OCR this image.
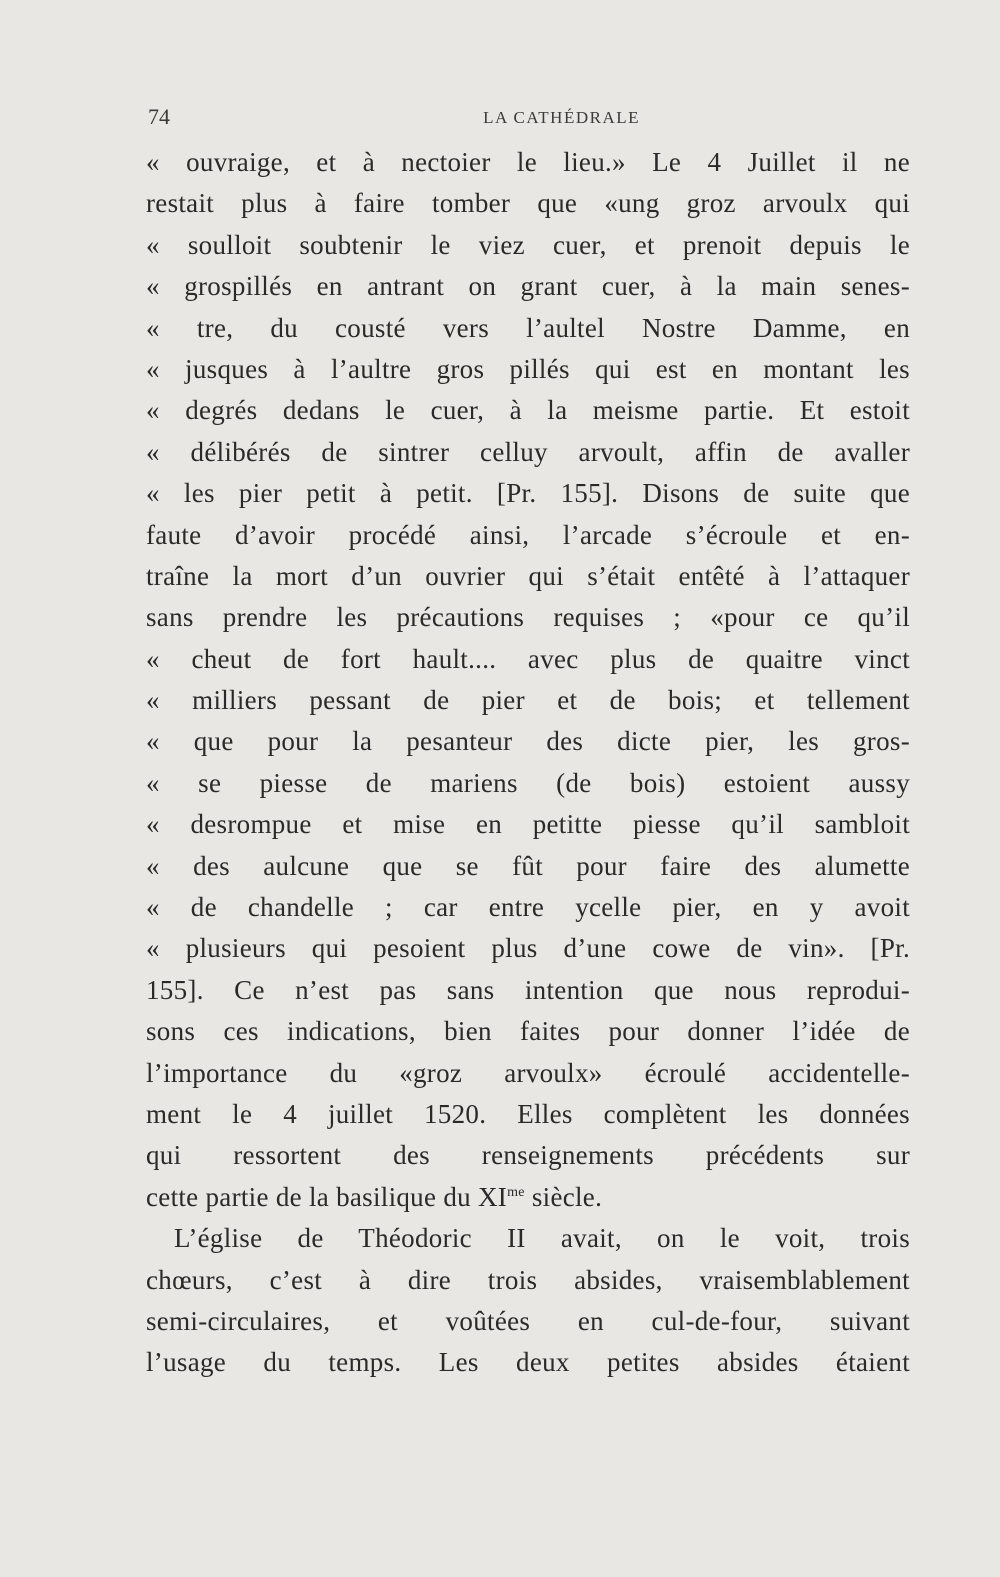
74	LA CATHÉDRALE
« ouvraige, et à nectoier le lieu.» Le 4 Juillet il ne
restait plus à faire tomber que «ung groz arvoulx qui
« soulloit soubtenir le viez cuer, et prenoit depuis le
« grospillés en antrant on grant cuer, à la main senes-
« tre, du cousté vers l’aultel Nostre Damme, en
« jusques à l’aultre gros pillés qui est en montant les
« degrés dedans le cuer, à la meisme partie. Et estoit
« délibérés de sintrer celluy arvoult, affin de avaller
« les pier petit à petit. [Pr. 155]. Disons de suite que
faute d’avoir procédé ainsi, l’arcade s’écroule et en-
traîne la mort d’un ouvrier qui s’était entêté à l’attaquer
sans prendre les précautions requises ; «pour ce qu’il
« cheut de fort hault.... avec plus de quaitre vinct
« milliers pessant de pier et de bois; et tellement
« que pour la pesanteur des dicte pier, les gros-
« se piesse de mariens (de bois) estoient aussy
« desrompue et mise en petitte piesse qu’il sambloit
« des aulcune que se fût pour faire des alumette
« de chandelle ; car entre ycelle pier, en y avoit
« plusieurs qui pesoient plus d’une cowe de vin». [Pr.
155]. Ce n’est pas sans intention que nous reprodui-
sons ces indications, bien faites pour donner l’idée de
l’importance du «groz arvoulx» écroulé accidentelle-
ment le 4 juillet 1520. Elles complètent les données
qui ressortent des renseignements précédents sur
cette partie de la basilique du $XI^{me}$ siècle.
L’église de Théodoric II avait, on le voit, trois
chœurs, c’est à dire trois absides, vraisemblablement
semi-circulaires, et voûtées en cul-de-four, suivant
l’usage du temps. Les deux petites absides étaient
